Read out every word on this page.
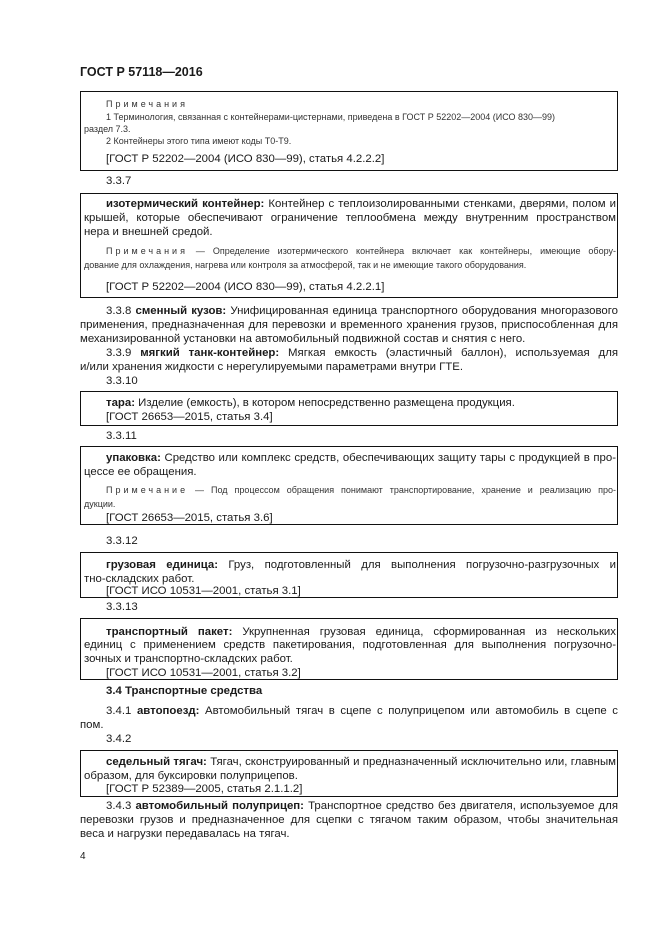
ГОСТ Р 57118—2016
Примечания
1 Терминология, связанная с контейнерами-цистернами, приведена в ГОСТ Р 52202—2004 (ИСО 830—99)
раздел 7.3.
2 Контейнеры этого типа имеют коды Т0-Т9.
[ГОСТ Р 52202—2004 (ИСО 830—99), статья 4.2.2.2]
3.3.7
изотермический контейнер: Контейнер с теплоизолированными стенками, дверями, полом и
крышей, которые обеспечивают ограничение теплообмена между внутренним пространством
нера и внешней средой.
Примечания — Определение изотермического контейнера включает как контейнеры, имеющие обору-
дование для охлаждения, нагрева или контроля за атмосферой, так и не имеющие такого оборудования.
[ГОСТ Р 52202—2004 (ИСО 830—99), статья 4.2.2.1]
3.3.8 сменный кузов: Унифицированная единица транспортного оборудования многоразового
применения, предназначенная для перевозки и временного хранения грузов, приспособленная для
механизированной установки на автомобильный подвижной состав и снятия с него.
3.3.9 мягкий танк-контейнер: Мягкая емкость (эластичный баллон), используемая для
и/или хранения жидкости с нерегулируемыми параметрами внутри ГТЕ.
3.3.10
тара: Изделие (емкость), в котором непосредственно размещена продукция.
[ГОСТ 26653—2015, статья 3.4]
3.3.11
упаковка: Средство или комплекс средств, обеспечивающих защиту тары с продукцией в про-
цессе ее обращения.
Примечание — Под процессом обращения понимают транспортирование, хранение и реализацию про-
дукции.
[ГОСТ 26653—2015, статья 3.6]
3.3.12
грузовая единица: Груз, подготовленный для выполнения погрузочно-разгрузочных и
тно-складских работ.
[ГОСТ ИСО 10531—2001, статья 3.1]
3.3.13
транспортный пакет: Укрупненная грузовая единица, сформированная из нескольких
единиц с применением средств пакетирования, подготовленная для выполнения погрузочно-
зочных и транспортно-складских работ.
[ГОСТ ИСО 10531—2001, статья 3.2]
3.4 Транспортные средства
3.4.1 автопоезд: Автомобильный тягач в сцепе с полуприцепом или автомобиль в сцепе с
пом.
3.4.2
седельный тягач: Тягач, сконструированный и предназначенный исключительно или, главным
образом, для буксировки полуприцепов.
[ГОСТ Р 52389—2005, статья 2.1.1.2]
3.4.3 автомобильный полуприцеп: Транспортное средство без двигателя, используемое для
перевозки грузов и предназначенное для сцепки с тягачом таким образом, чтобы значительная
веса и нагрузки передавалась на тягач.
4
